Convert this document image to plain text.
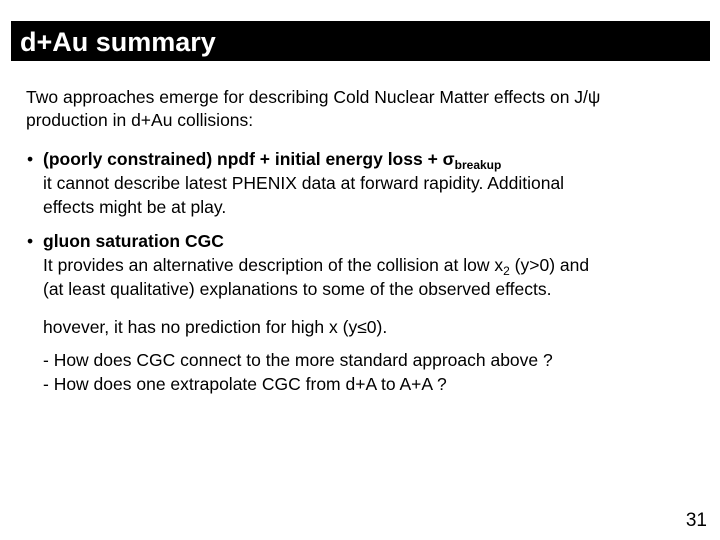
d+Au summary
Two approaches emerge for describing Cold Nuclear Matter effects on J/ψ
production in d+Au collisions:
• (poorly constrained) npdf + initial energy loss + $\sigma_{breakup}$
it cannot describe latest PHENIX data at forward rapidity. Additional
effects might be at play.
• gluon saturation CGC
It provides an alternative description of the collision at low $x_2$ (y>0) and
(at least qualitative) explanations to some of the observed effects.
hovever, it has no prediction for high x (y≤0).
- How does CGC connect to the more standard approach above ?
- How does one extrapolate CGC from d+A to A+A ?
31
